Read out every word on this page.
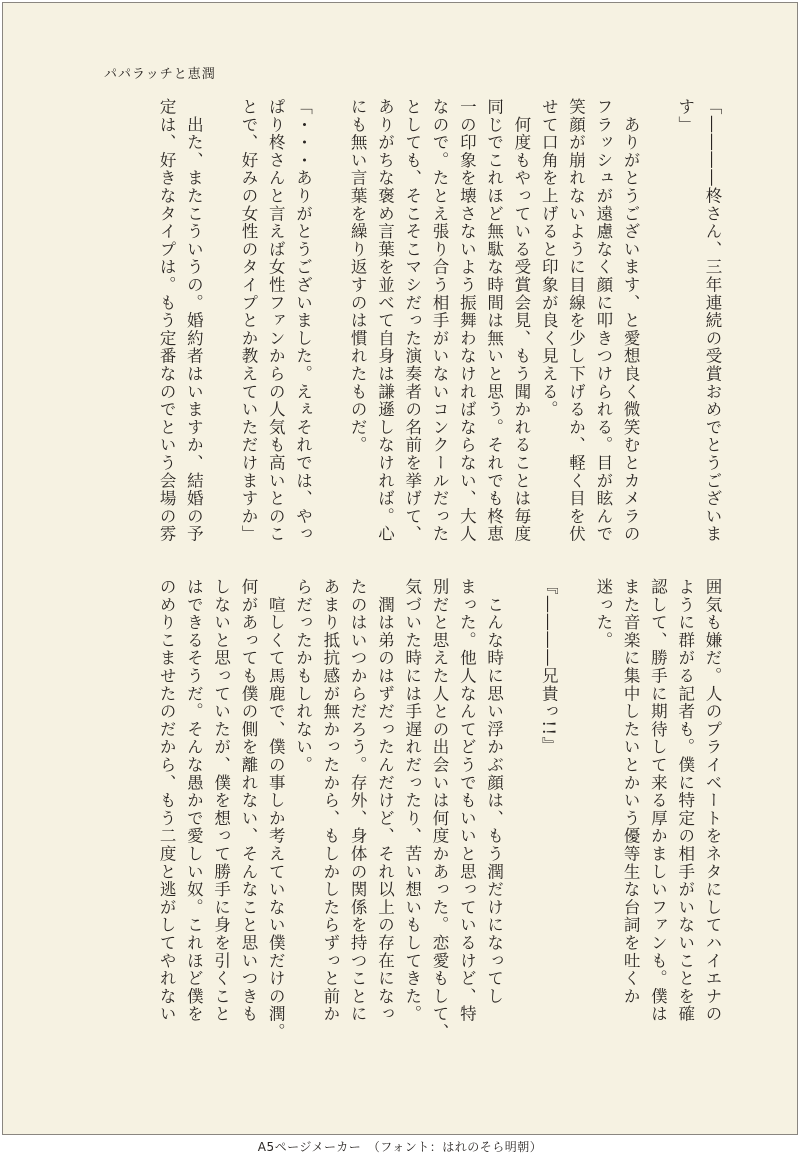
パパラッチと恵潤
「――――柊さん、三年連続の受賞おめでとうございま
す」

　ありがとうございます、と愛想良く微笑むとカメラの
フラッシュが遠慮なく顔に叩きつけられる。目が眩んで
笑顔が崩れないように目線を少し下げるか、軽く目を伏
せて口角を上げると印象が良く見える。
　何度もやっている受賞会見、もう聞かれることは毎度
同じでこれほど無駄な時間は無いと思う。それでも柊恵
一の印象を壊さないよう振舞わなければならない、大人
なので。たとえ張り合う相手がいないコンクールだった
としても、そこそこマシだった演奏者の名前を挙げて、
ありがちな褒め言葉を並べて自身は謙遜しなければ。心
にも無い言葉を繰り返すのは慣れたものだ。

「・・・ありがとうございました。えぇそれでは、やっ
ぱり柊さんと言えば女性ファンからの人気も高いとのこ
とで、好みの女性のタイプとか教えていただけますか」

　出た、またこういうの。婚約者はいますか、結婚の予
定は、好きなタイプは。もう定番なのでという会場の雰
囲気も嫌だ。人のプライベートをネタにしてハイエナの
ように群がる記者も。僕に特定の相手がいないことを確
認して、勝手に期待して来る厚かましいファンも。僕は
また音楽に集中したいとかいう優等生な台詞を吐くか
迷った。

『――――兄貴っ!!』

　こんな時に思い浮かぶ顔は、もう潤だけになってし
まった。他人なんてどうでもいいと思っているけど、特
別だと思えた人との出会いは何度かあった。恋愛もして、
気づいた時には手遅れだったり、苦い想いもしてきた。
　潤は弟のはずだったんだけど、それ以上の存在になっ
たのはいつからだろう。存外、身体の関係を持つことに
あまり抵抗感が無かったから、もしかしたらずっと前か
らだったかもしれない。
　喧しくて馬鹿で、僕の事しか考えていない僕だけの潤。
何があっても僕の側を離れない、そんなこと思いつきも
しないと思っていたが、僕を想って勝手に身を引くこと
はできるそうだ。そんな愚かで愛しい奴。これほど僕を
のめりこませたのだから、もう二度と逃がしてやれない
A5ページメーカー　（フォント：はれのそら明朝）
